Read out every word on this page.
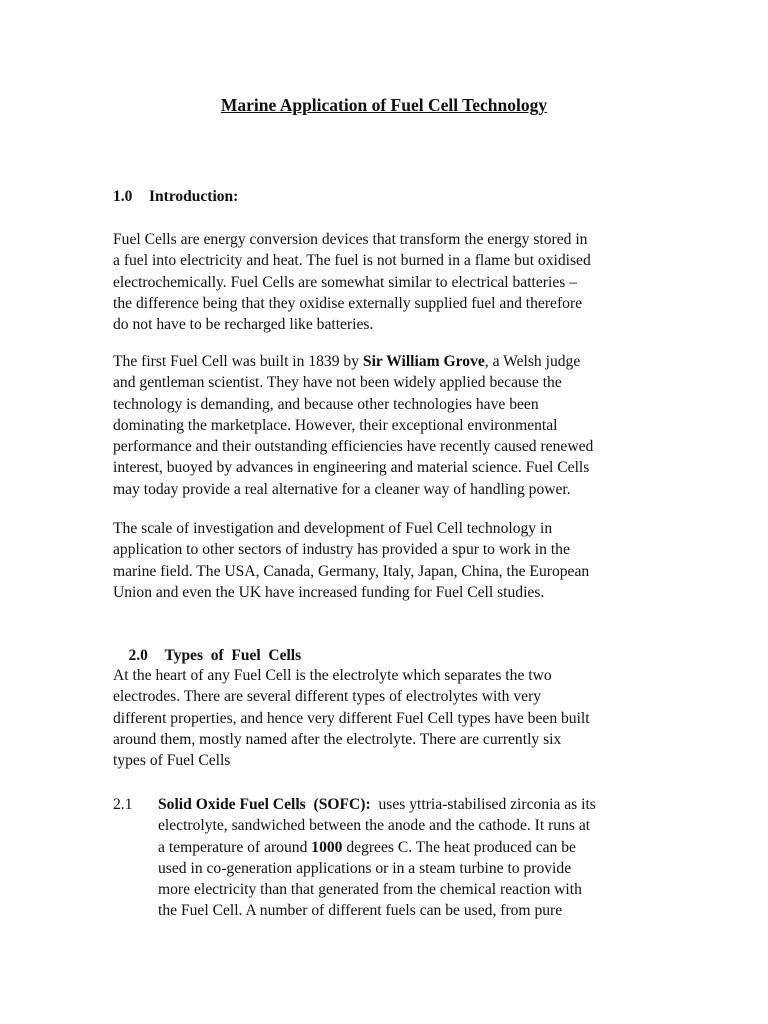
Marine Application of Fuel Cell Technology
1.0 Introduction:
Fuel Cells are energy conversion devices that transform the energy stored in
a fuel into electricity and heat. The fuel is not burned in a flame but oxidised
electrochemically. Fuel Cells are somewhat similar to electrical batteries –
the difference being that they oxidise externally supplied fuel and therefore
do not have to be recharged like batteries.
The first Fuel Cell was built in 1839 by Sir William Grove, a Welsh judge
and gentleman scientist. They have not been widely applied because the
technology is demanding, and because other technologies have been
dominating the marketplace. However, their exceptional environmental
performance and their outstanding efficiencies have recently caused renewed
interest, buoyed by advances in engineering and material science. Fuel Cells
may today provide a real alternative for a cleaner way of handling power.
The scale of investigation and development of Fuel Cell technology in
application to other sectors of industry has provided a spur to work in the
marine field. The USA, Canada, Germany, Italy, Japan, China, the European
Union and even the UK have increased funding for Fuel Cell studies.

2.0 Types  of  Fuel  Cells

At the heart of any Fuel Cell is the electrolyte which separates the two
electrodes. There are several different types of electrolytes with very
different properties, and hence very different Fuel Cell types have been built
around them, mostly named after the electrolyte. There are currently six
types of Fuel Cells
2.1 Solid Oxide Fuel Cells  (SOFC):  uses yttria-stabilised zirconia as its
electrolyte, sandwiched between the anode and the cathode. It runs at
a temperature of around 1000 degrees C. The heat produced can be
used in co-generation applications or in a steam turbine to provide
more electricity than that generated from the chemical reaction with
the Fuel Cell. A number of different fuels can be used, from pure
